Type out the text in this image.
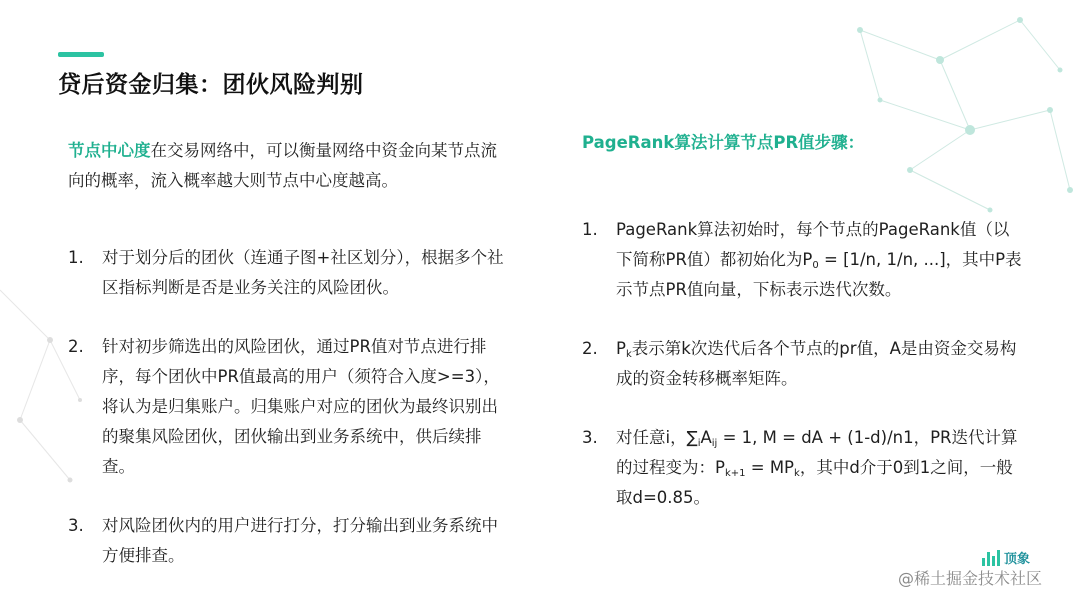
贷后资金归集：团伙风险判别

节点中心度在交易网络中，可以衡量网络中资金向某节点流向的概率，流入概率越大则节点中心度越高。

1. 对于划分后的团伙（连通子图+社区划分），根据多个社区指标判断是否是业务关注的风险团伙。
2. 针对初步筛选出的风险团伙，通过PR值对节点进行排序，每个团伙中PR值最高的用户（须符合入度>=3），将认为是归集账户。归集账户对应的团伙为最终识别出的聚集风险团伙，团伙输出到业务系统中，供后续排查。
3. 对风险团伙内的用户进行打分，打分输出到业务系统中方便排查。

PageRank算法计算节点PR值步骤：

1. PageRank算法初始时，每个节点的PageRank值（以下简称PR值）都初始化为$P_0 = [1/n$, 1/n, ...]，其中P表示节点PR值向量，下标表示迭代次数。
2. $P_k$表示第k次迭代后各个节点的pr值，A是由资金交易构成的资金转移概率矩阵。
3. 对任意i，$\sum_iA_{ij} = 1$, M = dA + (1-d)/n1，PR迭代计算的过程变为：$P_{k+1} = MP_k$，其中d介于0到1之间，一般取d=0.85。
顶象
@稀土掘金技术社区
